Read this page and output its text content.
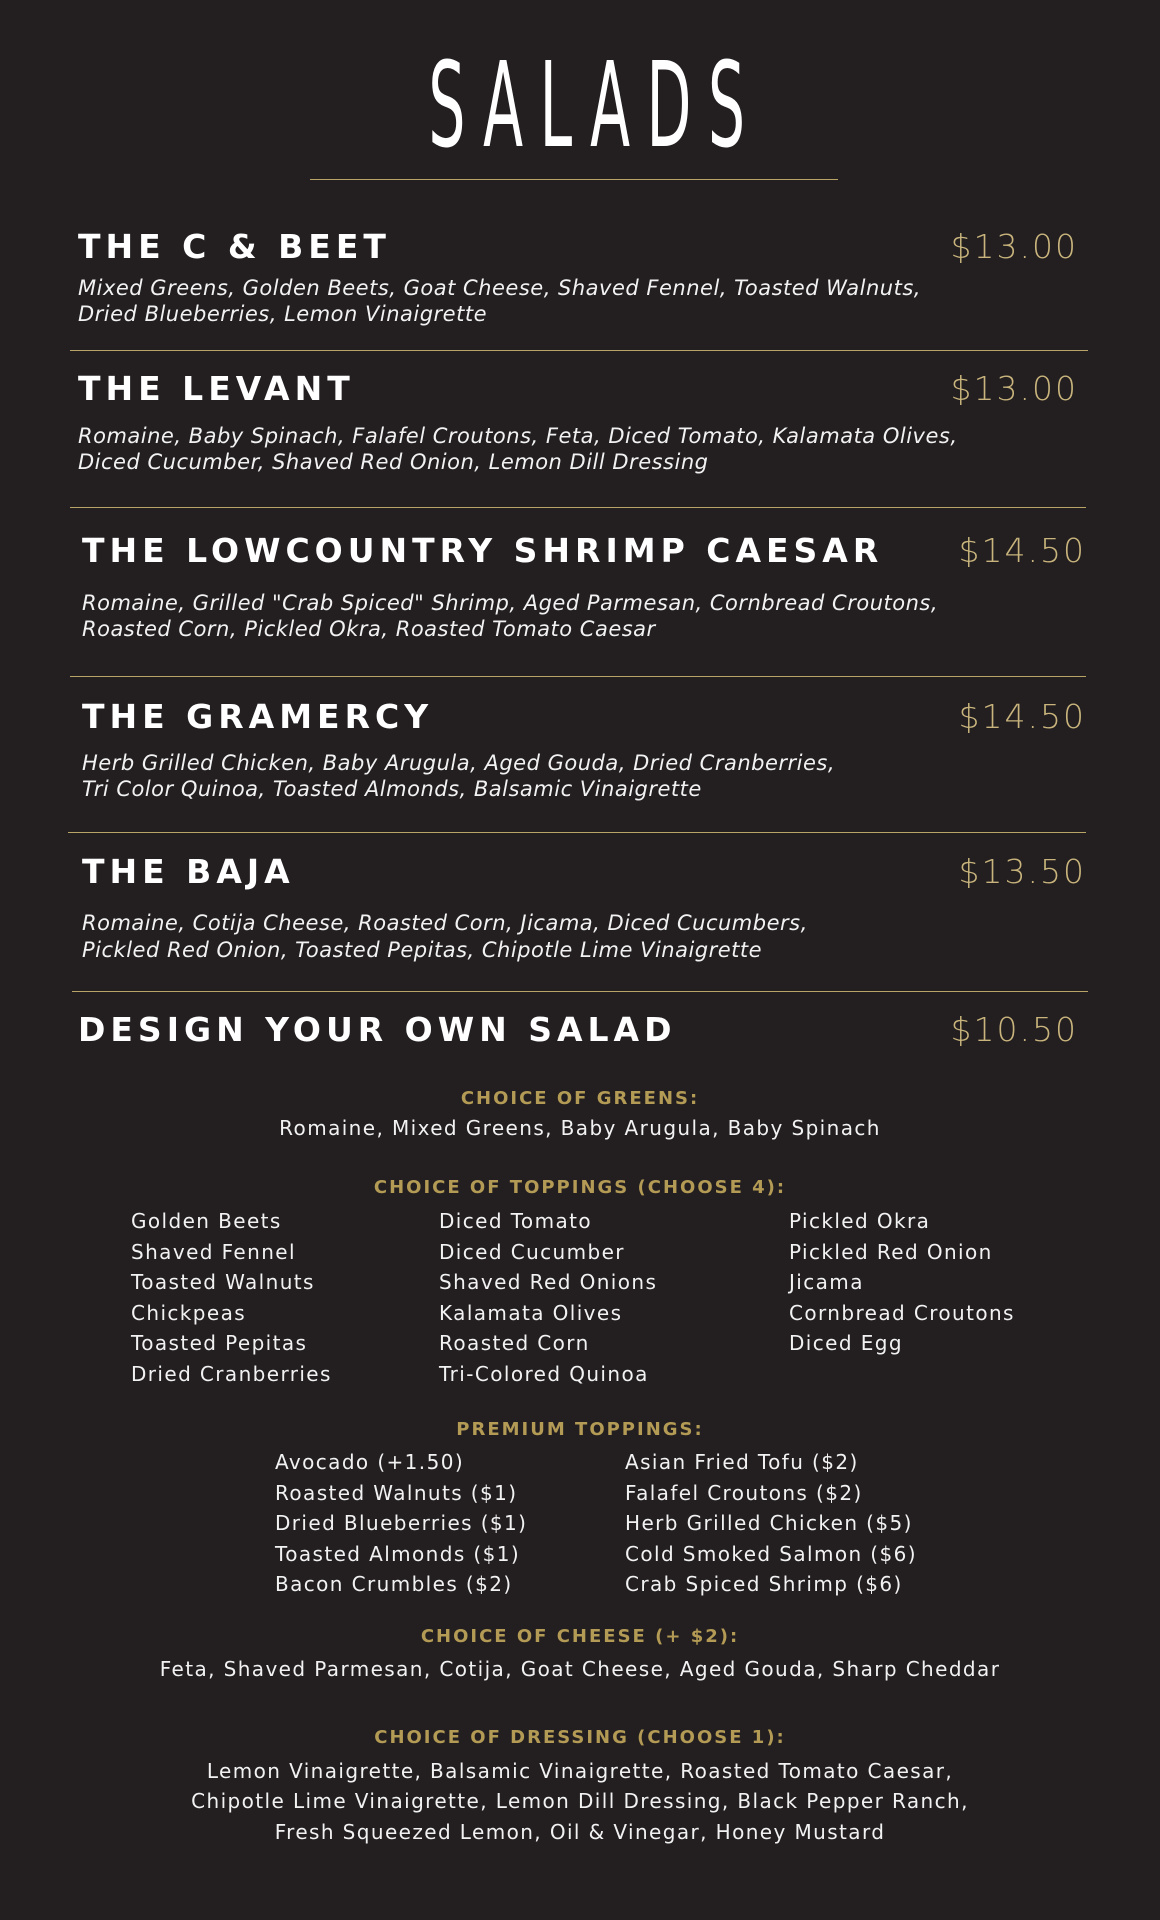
SALADS
THE C & BEET	$13.00
Mixed Greens, Golden Beets, Goat Cheese, Shaved Fennel, Toasted Walnuts,
Dried Blueberries, Lemon Vinaigrette
THE LEVANT	$13.00
Romaine, Baby Spinach, Falafel Croutons, Feta, Diced Tomato, Kalamata Olives,
Diced Cucumber, Shaved Red Onion, Lemon Dill Dressing
THE LOWCOUNTRY SHRIMP CAESAR $14.50
Romaine, Grilled "Crab Spiced" Shrimp, Aged Parmesan, Cornbread Croutons,
Roasted Corn, Pickled Okra, Roasted Tomato Caesar
THE GRAMERCY	$14.50
Herb Grilled Chicken, Baby Arugula, Aged Gouda, Dried Cranberries,
Tri Color Quinoa, Toasted Almonds, Balsamic Vinaigrette
THE BAJA	$13.50
Romaine, Cotija Cheese, Roasted Corn, Jicama, Diced Cucumbers,
Pickled Red Onion, Toasted Pepitas, Chipotle Lime Vinaigrette
DESIGN YOUR OWN SALAD	$10.50
CHOICE OF GREENS:
Romaine, Mixed Greens, Baby Arugula, Baby Spinach
CHOICE OF TOPPINGS (CHOOSE 4):
Golden Beets
Shaved Fennel
Toasted Walnuts
Chickpeas
Toasted Pepitas
Dried Cranberries
Diced Tomato
Diced Cucumber
Shaved Red Onions
Kalamata Olives
Roasted Corn
Tri-Colored Quinoa
Pickled Okra
Pickled Red Onion
Jicama
Cornbread Croutons
Diced Egg
PREMIUM TOPPINGS:
Avocado (+1.50)
Roasted Walnuts ($1)
Dried Blueberries ($1)
Toasted Almonds ($1)
Bacon Crumbles ($2)
Asian Fried Tofu ($2)
Falafel Croutons ($2)
Herb Grilled Chicken ($5)
Cold Smoked Salmon ($6)
Crab Spiced Shrimp ($6)
CHOICE OF CHEESE (+ $2):
Feta, Shaved Parmesan, Cotija, Goat Cheese, Aged Gouda, Sharp Cheddar
CHOICE OF DRESSING (CHOOSE 1):
Lemon Vinaigrette, Balsamic Vinaigrette, Roasted Tomato Caesar,
Chipotle Lime Vinaigrette, Lemon Dill Dressing, Black Pepper Ranch,
Fresh Squeezed Lemon, Oil & Vinegar, Honey Mustard
